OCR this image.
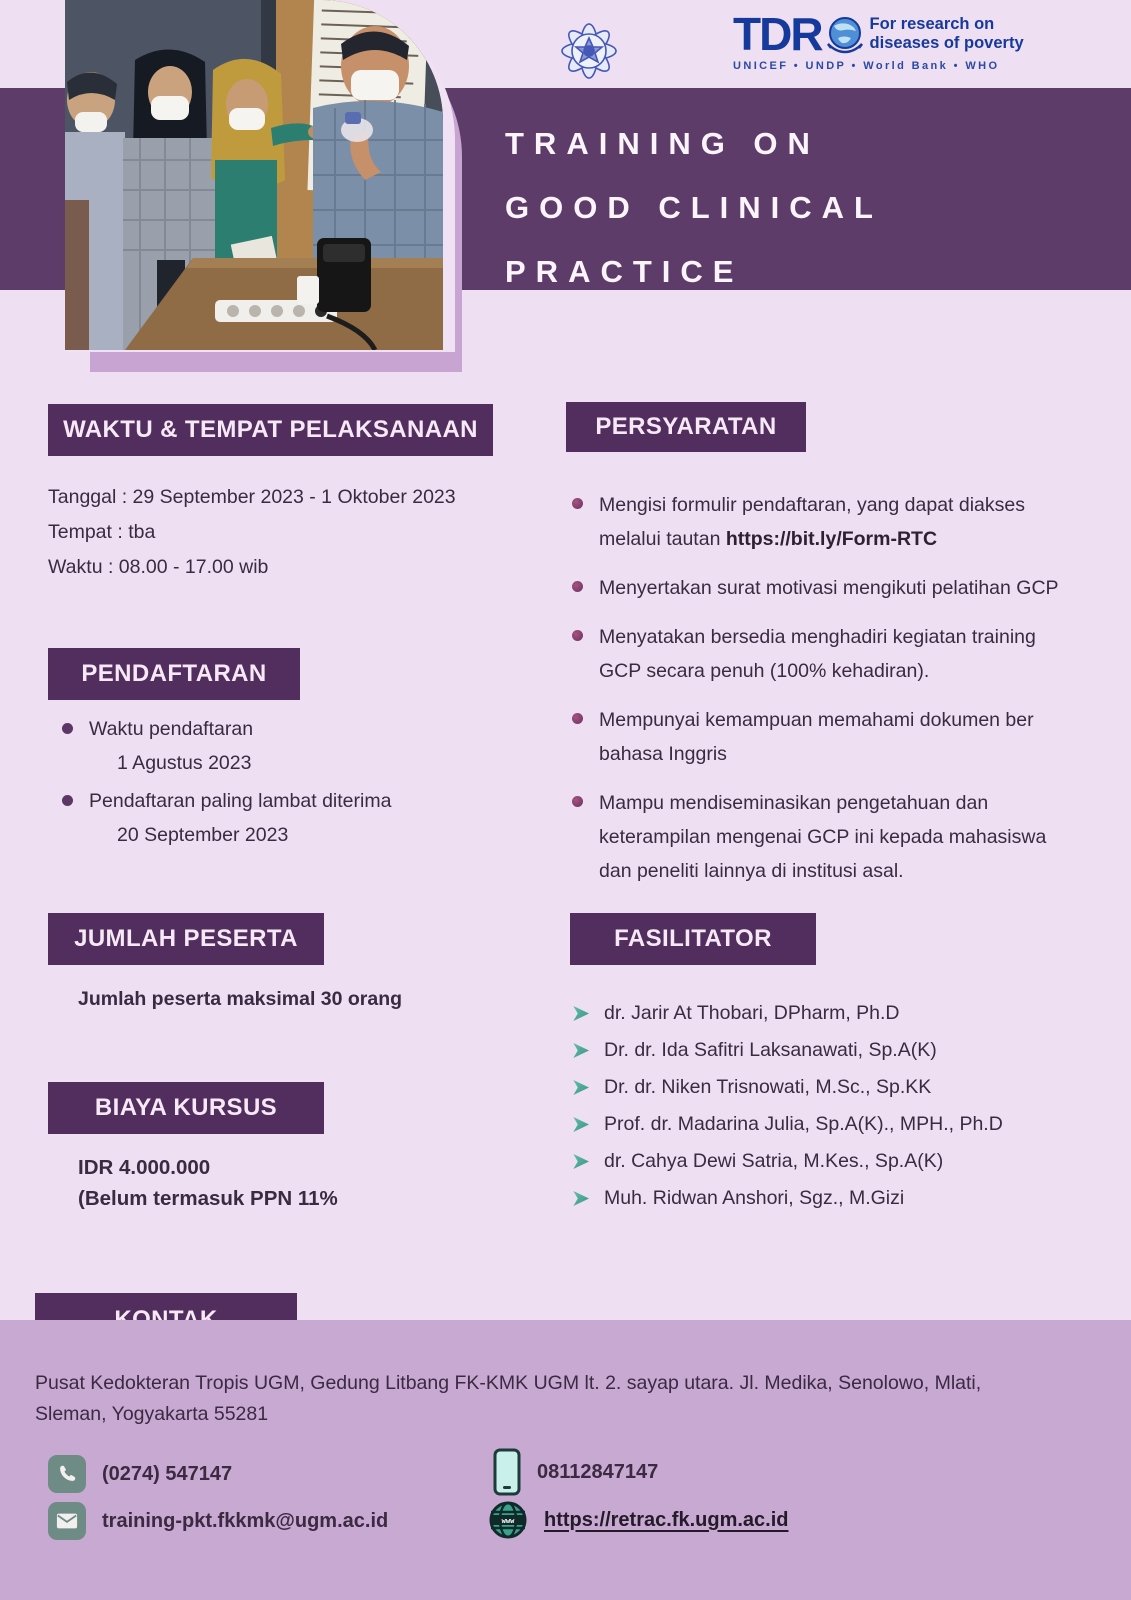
TDR	For research on
diseases of poverty
UNICEF • UNDP • World Bank • WHO
TRAINING ON
GOOD CLINICAL
PRACTICE
WAKTU & TEMPAT PELAKSANAAN	PERSYARATAN
PENDAFTARAN
JUMLAH PESERTA	FASILITATOR
BIAYA KURSUS
Tanggal : 29 September 2023 - 1 Oktober 2023
Tempat : tba
Waktu : 08.00 - 17.00 wib
Waktu pendaftaran
1 Agustus 2023
Pendaftaran paling lambat diterima
20 September 2023
Jumlah peserta maksimal 30 orang
IDR 4.000.000
(Belum termasuk PPN 11%
Mengisi formulir pendaftaran, yang dapat diakses melalui tautan https://bit.ly/Form-RTC
Menyertakan surat motivasi mengikuti pelatihan GCP
Menyatakan bersedia menghadiri kegiatan training GCP secara penuh (100% kehadiran).
Mempunyai kemampuan memahami dokumen ber bahasa Inggris
Mampu mendiseminasikan pengetahuan dan keterampilan mengenai GCP ini kepada mahasiswa dan peneliti lainnya di institusi asal.
dr. Jarir At Thobari, DPharm, Ph.D
Dr. dr. Ida Safitri Laksanawati, Sp.A(K)
Dr. dr. Niken Trisnowati, M.Sc., Sp.KK
Prof. dr. Madarina Julia, Sp.A(K)., MPH., Ph.D
dr. Cahya Dewi Satria, M.Kes., Sp.A(K)
Muh. Ridwan Anshori, Sgz., M.Gizi
Pusat Kedokteran Tropis UGM, Gedung Litbang FK-KMK UGM lt. 2. sayap utara. Jl. Medika, Senolowo, Mlati, Sleman, Yogyakarta 55281
(0274) 547147
training-pkt.fkkmk@ugm.ac.id
08112847147
www https://retrac.fk.ugm.ac.id
